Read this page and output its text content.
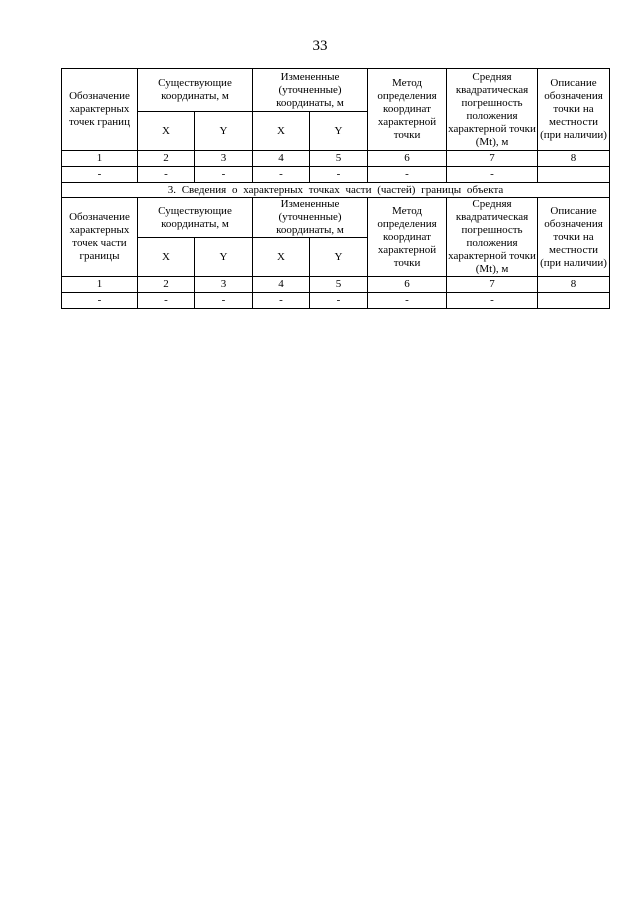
33
Обозначение характерных точек границ	Существующие координаты, м		Измененные (уточненные) координаты, м		Метод определения координат характерной точки	Средняя квадратическая погрешность положения характерной точки (Mt), м	Описание обозначения точки на местности (при наличии)
	X	Y	X	Y			
1	2	3	4	5	6	7	8
-	-	-	-	-	-	-	
3. Сведения о характерных точках части (частей) границы объекта							
Обозначение характерных точек части границы	Существующие координаты, м		Измененные (уточненные) координаты, м		Метод определения координат характерной точки	Средняя квадратическая погрешность положения характерной точки (Mt), м	Описание обозначения точки на местности (при наличии)
	X	Y	X	Y			
1	2	3	4	5	6	7	8
-	-	-	-	-	-	-	
